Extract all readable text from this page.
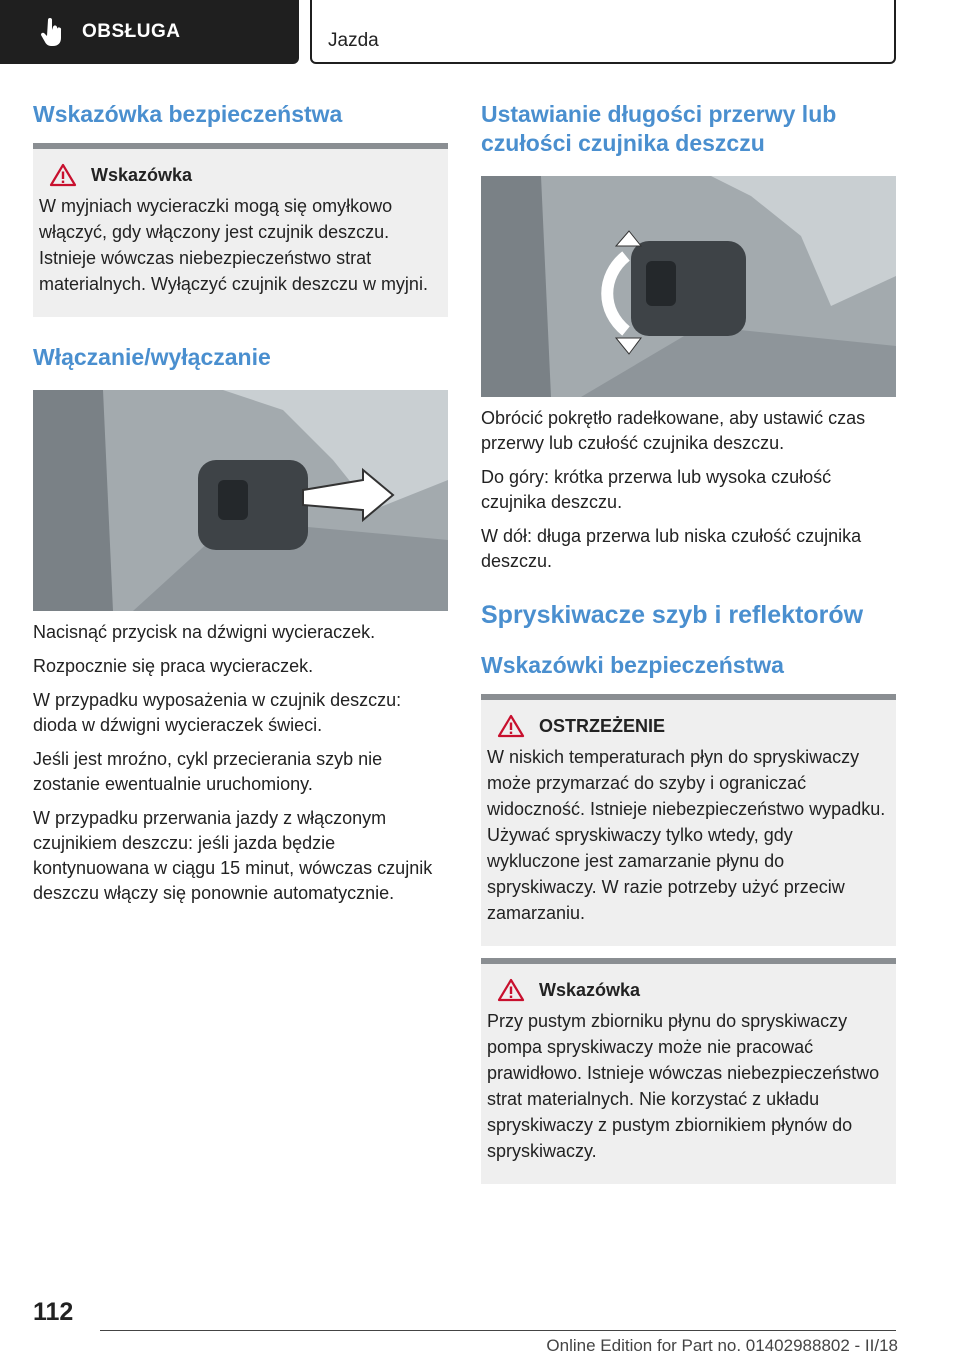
OBSŁUGA	Jazda
Wskazówka bezpieczeństwa
Wskazówka
W myjniach wycieraczki mogą się omyłkowo włączyć, gdy włączony jest czujnik deszczu. Istnieje wówczas niebezpieczeństwo strat materialnych. Wyłączyć czujnik deszczu w myjni.
Włączanie/wyłączanie

Nacisnąć przycisk na dźwigni wycieraczek.

Rozpocznie się praca wycieraczek.

W przypadku wyposażenia w czujnik deszczu: dioda w dźwigni wycieraczek świeci.

Jeśli jest mroźno, cykl przecierania szyb nie zostanie ewentualnie uruchomiony.

W przypadku przerwania jazdy z włączonym czujnikiem deszczu: jeśli jazda będzie kontynuowana w ciągu 15 minut, wówczas czujnik deszczu włączy się ponownie automatycznie.

Ustawianie długości przerwy lub czułości czujnika deszczu

Obrócić pokrętło radełkowane, aby ustawić czas przerwy lub czułość czujnika deszczu.

Do góry: krótka przerwa lub wysoka czułość czujnika deszczu.

W dół: długa przerwa lub niska czułość czujnika deszczu.

Spryskiwacze szyb i reflektorów
Wskazówki bezpieczeństwa
OSTRZEŻENIE
W niskich temperaturach płyn do spryskiwaczy może przymarzać do szyby i ograniczać widoczność. Istnieje niebezpieczeństwo wypadku. Używać spryskiwaczy tylko wtedy, gdy wykluczone jest zamarzanie płynu do spryskiwaczy. W razie potrzeby użyć przeciw zamarzaniu.
Wskazówka
Przy pustym zbiorniku płynu do spryskiwaczy pompa spryskiwaczy może nie pracować prawidłowo. Istnieje wówczas niebezpieczeństwo strat materialnych. Nie korzystać z układu spryskiwaczy z pustym zbiornikiem płynów do spryskiwaczy.
112
Online Edition for Part no. 01402988802 - II/18
